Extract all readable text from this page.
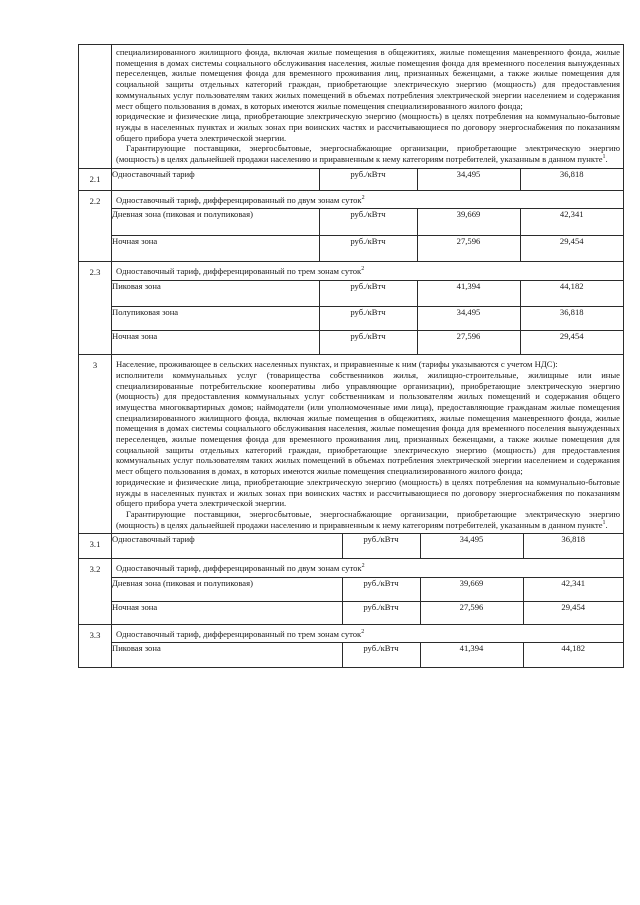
специализированного жилищного фонда, включая жилые помещения в общежитиях, жилые помещения маневренного фонда, жилые помещения в домах системы социального обслуживания населения, жилые помещения фонда для временного поселения вынужденных переселенцев, жилые помещения фонда для временного проживания лиц, признанных беженцами, а также жилые помещения для социальной защиты отдельных категорий граждан, приобретающие электрическую энергию (мощность) для предоставления коммунальных услуг пользователям таких жилых помещений в объемах потребления электрической энергии населением и содержания мест общего пользования в домах, в которых имеются жилые помещения специализированного жилого фонда;

юридические и физические лица, приобретающие электрическую энергию (мощность) в целях потребления на коммунально-бытовые нужды в населенных пунктах и жилых зонах при воинских частях и рассчитывающиеся по договору энергоснабжения по показаниям общего прибора учета электрической энергии.

Гарантирующие поставщики, энергосбытовые, энергоснабжающие организации, приобретающие электрическую энергию (мощность) в целях дальнейшей продажи населению и приравненным к нему категориям потребителей, указанным в данном пункте$^1$.

2.1	Одноставочный тариф	руб./кВтч	34,495	36,818

2.2	Одноставочный тариф, дифференцированный по двум зонам суток$^2$
Дневная зона (пиковая и полупиковая)	руб./кВтч	39,669	42,341
Ночная зона	руб./кВтч	27,596	29,454

2.3	Одноставочный тариф, дифференцированный по трем зонам суток$^2$
Пиковая зона	руб./кВтч	41,394	44,182
Полупиковая зона	руб./кВтч	34,495	36,818
Ночная зона	руб./кВтч	27,596	29,454

3	Население, проживающее в сельских населенных пунктах, и приравненные к ним (тарифы указываются с учетом НДС):

исполнители коммунальных услуг (товарищества собственников жилья, жилищно-строительные, жилищные или иные специализированные потребительские кооперативы либо управляющие организации), приобретающие электрическую энергию (мощность) для предоставления коммунальных услуг собственникам и пользователям жилых помещений и содержания общего имущества многоквартирных домов; наймодатели (или уполномоченные ими лица), предоставляющие гражданам жилые помещения специализированного жилищного фонда, включая жилые помещения в общежитиях, жилые помещения маневренного фонда, жилые помещения в домах системы социального обслуживания населения, жилые помещения фонда для временного поселения вынужденных переселенцев, жилые помещения фонда для временного проживания лиц, признанных беженцами, а также жилые помещения для социальной защиты отдельных категорий граждан, приобретающие электрическую энергию (мощность) для предоставления коммунальных услуг пользователям таких жилых помещений в объемах потребления электрической энергии населением и содержания мест общего пользования в домах, в которых имеются жилые помещения специализированного жилого фонда;

юридические и физические лица, приобретающие электрическую энергию (мощность) в целях потребления на коммунально-бытовые нужды в населенных пунктах и жилых зонах при воинских частях и рассчитывающиеся по договору энергоснабжения по показаниям общего прибора учета электрической энергии.

Гарантирующие поставщики, энергосбытовые, энергоснабжающие организации, приобретающие электрическую энергию (мощность) в целях дальнейшей продажи населению и приравненным к нему категориям потребителей, указанным в данном пункте$^1$.

3.1	Одноставочный тариф	руб./кВтч	34,495	36,818

3.2	Одноставочный тариф, дифференцированный по двум зонам суток$^2$
Дневная зона (пиковая и полупиковая)	руб./кВтч	39,669	42,341
Ночная зона	руб./кВтч	27,596	29,454

3.3	Одноставочный тариф, дифференцированный по трем зонам суток$^2$
Пиковая зона	руб./кВтч	41,394	44,182
